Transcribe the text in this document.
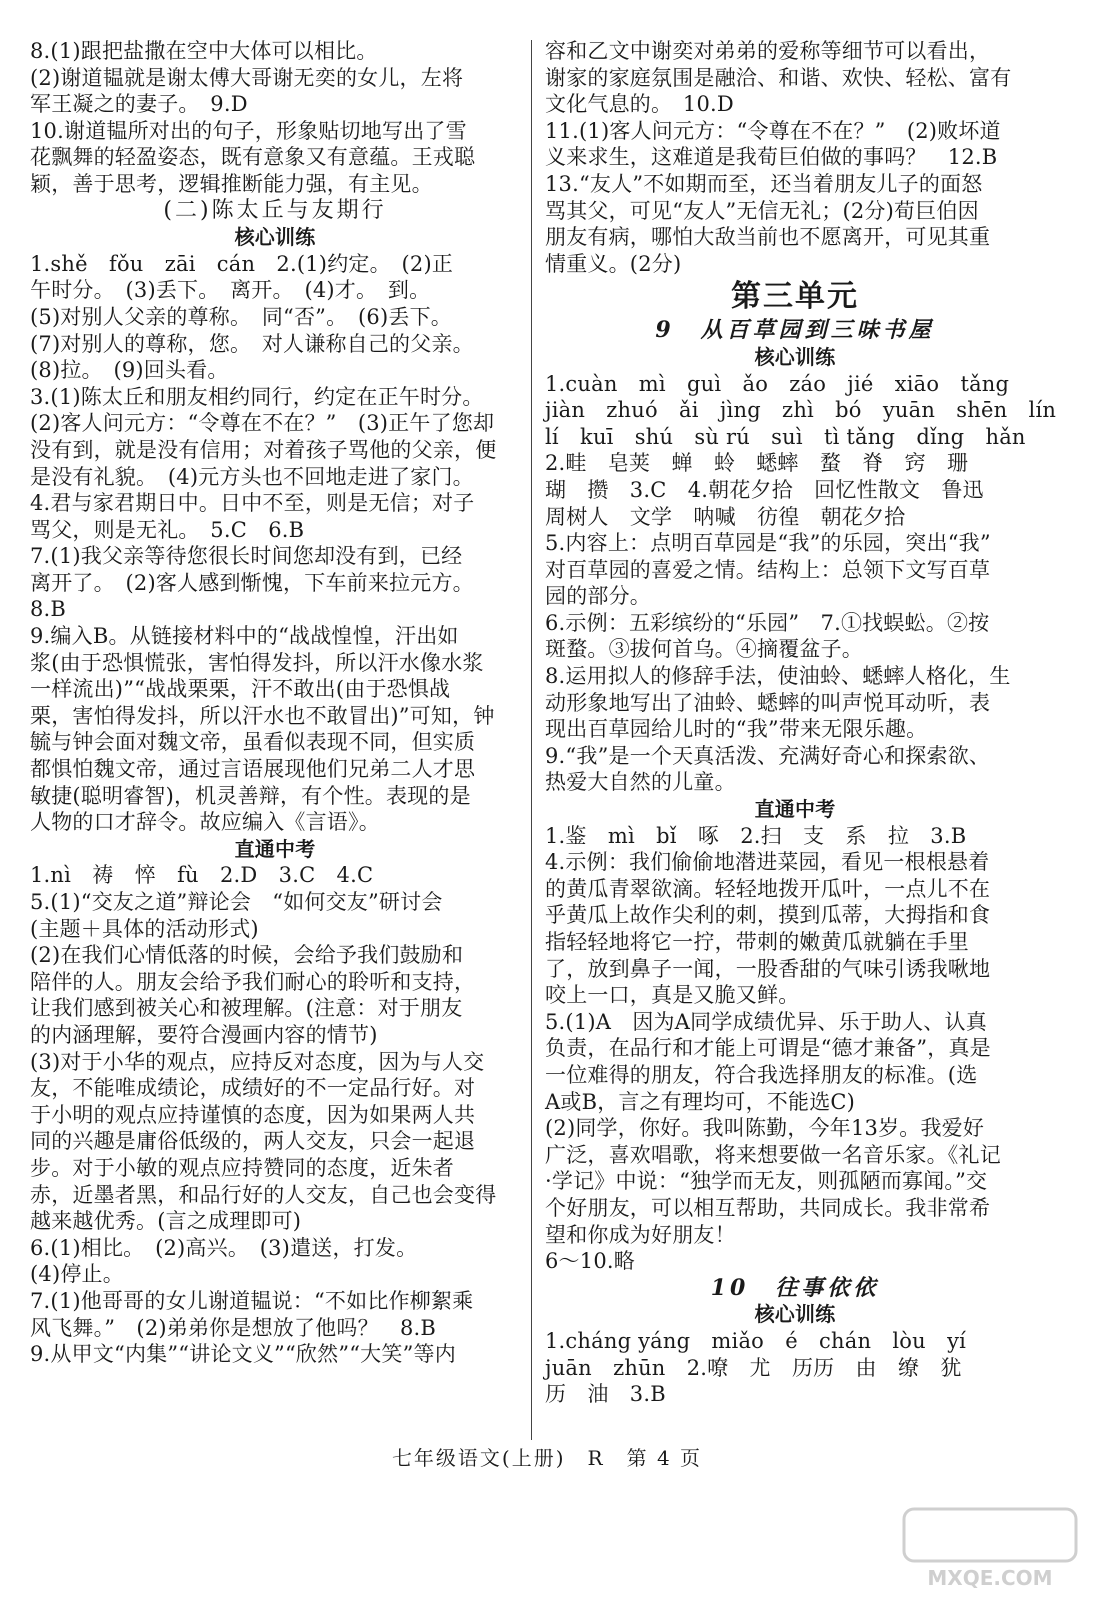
8.(1)跟把盐撒在空中大体可以相比。
(2)谢道韫就是谢太傅大哥谢无奕的女儿，左将
军王凝之的妻子。　9.D
10.谢道韫所对出的句子，形象贴切地写出了雪
花飘舞的轻盈姿态，既有意象又有意蕴。王戎聪
颖，善于思考，逻辑推断能力强，有主见。
(二)陈太丘与友期行
核心训练
1.shě　fǒu　zāi　cán　2.(1)约定。　(2)正
午时分。　(3)丢下。　离开。　(4)才。　到。
(5)对别人父亲的尊称。　同“否”。　(6)丢下。
(7)对别人的尊称，您。　对人谦称自己的父亲。
(8)拉。　(9)回头看。
3.(1)陈太丘和朋友相约同行，约定在正午时分。
(2)客人问元方：“令尊在不在？”　(3)正午了您却
没有到，就是没有信用；对着孩子骂他的父亲，便
是没有礼貌。　(4)元方头也不回地走进了家门。
4.君与家君期日中。日中不至，则是无信；对子
骂父，则是无礼。　5.C　6.B
7.(1)我父亲等待您很长时间您却没有到，已经
离开了。　(2)客人感到惭愧，下车前来拉元方。
8.B
9.编入B。从链接材料中的“战战惶惶，汗出如
浆(由于恐惧慌张，害怕得发抖，所以汗水像水浆
一样流出)”“战战栗栗，汗不敢出(由于恐惧战
栗，害怕得发抖，所以汗水也不敢冒出)”可知，钟
毓与钟会面对魏文帝，虽看似表现不同，但实质
都惧怕魏文帝，通过言语展现他们兄弟二人才思
敏捷(聪明睿智)，机灵善辩，有个性。表现的是
人物的口才辞令。故应编入《言语》。
直通中考
1.nì　祷　悴　fù　2.D　3.C　4.C
5.(1)“交友之道”辩论会　“如何交友”研讨会
(主题＋具体的活动形式)
(2)在我们心情低落的时候，会给予我们鼓励和
陪伴的人。朋友会给予我们耐心的聆听和支持，
让我们感到被关心和被理解。(注意：对于朋友
的内涵理解，要符合漫画内容的情节)
(3)对于小华的观点，应持反对态度，因为与人交
友，不能唯成绩论，成绩好的不一定品行好。对
于小明的观点应持谨慎的态度，因为如果两人共
同的兴趣是庸俗低级的，两人交友，只会一起退
步。对于小敏的观点应持赞同的态度，近朱者
赤，近墨者黑，和品行好的人交友，自己也会变得
越来越优秀。(言之成理即可)
6.(1)相比。　(2)高兴。　(3)遣送，打发。
(4)停止。
7.(1)他哥哥的女儿谢道韫说：“不如比作柳絮乘
风飞舞。”　(2)弟弟你是想放了他吗？　8.B
9.从甲文“内集”“讲论文义”“欣然”“大笑”等内
容和乙文中谢奕对弟弟的爱称等细节可以看出，
谢家的家庭氛围是融洽、和谐、欢快、轻松、富有
文化气息的。　10.D
11.(1)客人问元方：“令尊在不在？”　(2)败坏道
义来求生，这难道是我荀巨伯做的事吗？　12.B
13.“友人”不如期而至，还当着朋友儿子的面怒
骂其父，可见“友人”无信无礼；(2分)荀巨伯因
朋友有病，哪怕大敌当前也不愿离开，可见其重
情重义。(2分)
第三单元
9　从百草园到三味书屋
核心训练
1.cuàn　mì　guì　ǎo　záo　jié　xiāo　tǎng
jiàn　zhuó　ǎi　jìng　zhì　bó　yuān　shēn　lín
lí　kuī　shú　sù rú　suì　tì tǎng　dǐng　hǎn
2.畦　皂荚　蝉　蛉　蟋蟀　蝥　脊　窍　珊
瑚　攒　3.C　4.朝花夕拾　回忆性散文　鲁迅
周树人　文学　呐喊　彷徨　朝花夕拾
5.内容上：点明百草园是“我”的乐园，突出“我”
对百草园的喜爱之情。结构上：总领下文写百草
园的部分。
6.示例：五彩缤纷的“乐园”　7.①找蜈蚣。②按
斑蝥。③拔何首乌。④摘覆盆子。
8.运用拟人的修辞手法，使油蛉、蟋蟀人格化，生
动形象地写出了油蛉、蟋蟀的叫声悦耳动听，表
现出百草园给儿时的“我”带来无限乐趣。
9.“我”是一个天真活泼、充满好奇心和探索欲、
热爱大自然的儿童。
直通中考
1.鉴　mì　bǐ　啄　2.扫　支　系　拉　3.B
4.示例：我们偷偷地潜进菜园，看见一根根悬着
的黄瓜青翠欲滴。轻轻地拨开瓜叶，一点儿不在
乎黄瓜上故作尖利的刺，摸到瓜蒂，大拇指和食
指轻轻地将它一拧，带刺的嫩黄瓜就躺在手里
了，放到鼻子一闻，一股香甜的气味引诱我啾地
咬上一口，真是又脆又鲜。
5.(1)A　因为A同学成绩优异、乐于助人、认真
负责，在品行和才能上可谓是“德才兼备”，真是
一位难得的朋友，符合我选择朋友的标准。(选
A或B，言之有理均可，不能选C)
(2)同学，你好。我叫陈勤，今年13岁。我爱好
广泛，喜欢唱歌，将来想要做一名音乐家。《礼记
·学记》中说：“独学而无友，则孤陋而寡闻。”交
个好朋友，可以相互帮助，共同成长。我非常希
望和你成为好朋友！
6～10.略
10　往事依依
核心训练
1.cháng yáng　miǎo　é　chán　lòu　yí
juān　zhūn　2.嘹　尤　历历　由　缭　犹
历　油　3.B
七年级语文(上册)　R　第 4 页
MXQE.COM
